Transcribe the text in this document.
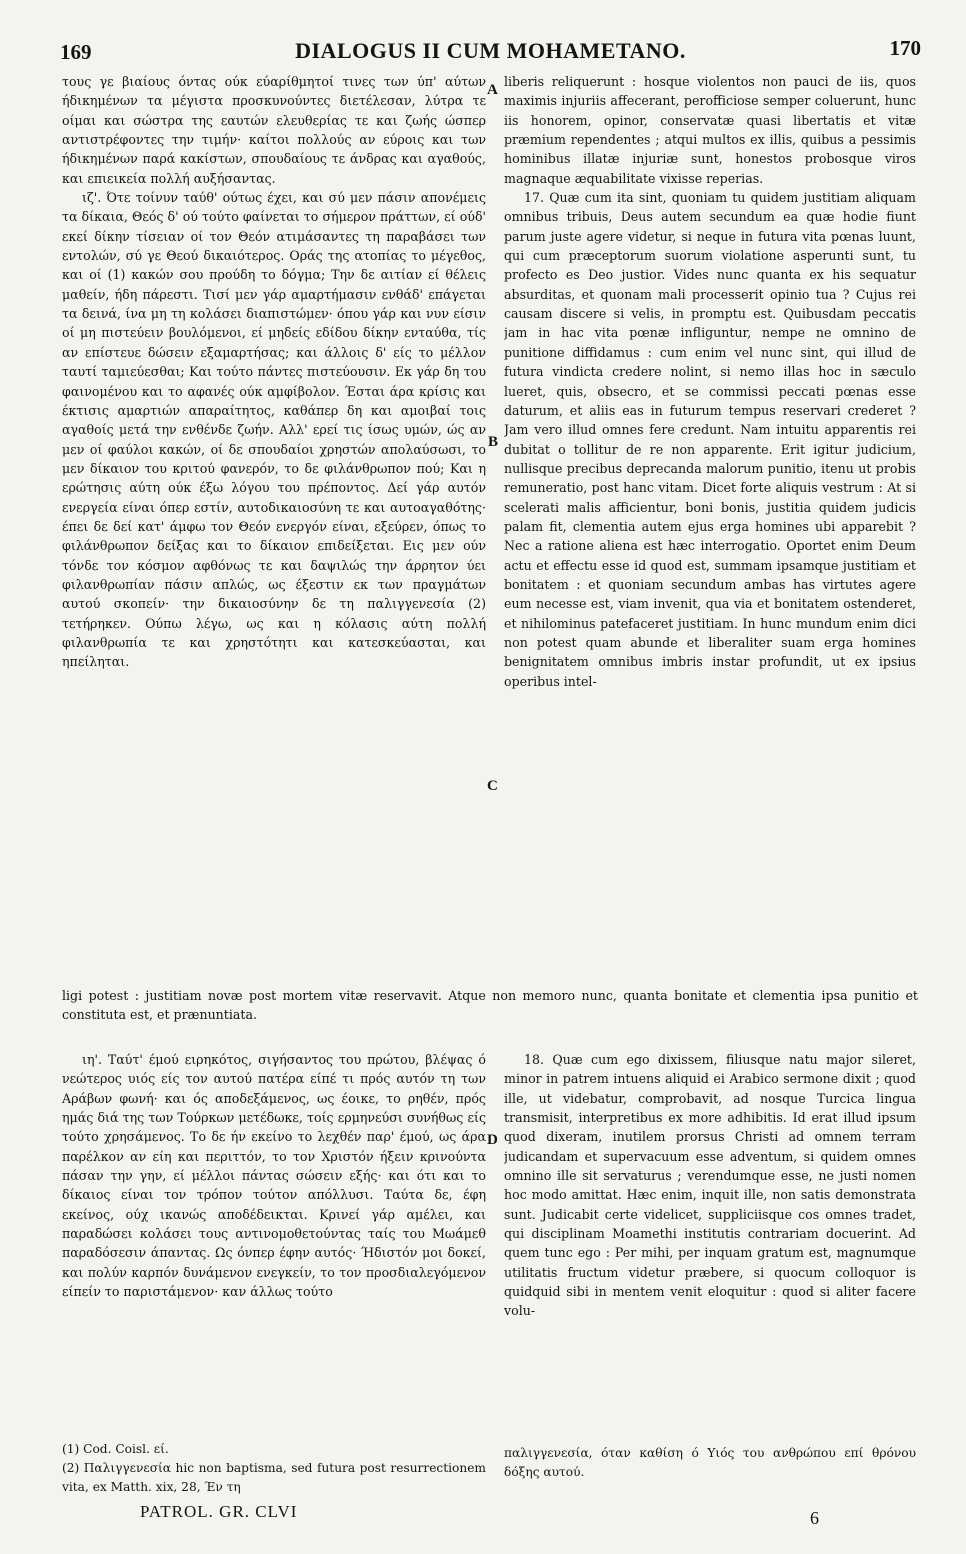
169	DIALOGUS II CUM MOHAMETANO.	170

τους γε βιαίους όντας ούκ εύαρίθμητοί τινες των ύπ' αύτων ήδικημένων τα μέγιστα προσκυνούντες διετέλεσαν, λύτρα τε οίμαι και σώστρα της εαυτών ελευθερίας τε και ζωής ώσπερ αντιστρέφοντες την τιμήν· καίτοι πολλούς αν εύροις και των ήδικημένων παρά κακίστων, σπουδαίους τε άνδρας και αγαθούς, και επιεικεία πολλή αυξήσαντας.

ιζ'. Ότε τοίνυν ταύθ' ούτως έχει, και σύ μεν πάσιν απονέμεις τα δίκαια, Θεός δ' ού τούτο φαίνεται το σήμερον πράττων, εί ούδ' εκεί δίκην τίσειαν οί τον Θεόν ατιμάσαντες τη παραβάσει των εντολών, σύ γε Θεού δικαιότερος. Οράς της ατοπίας το μέγεθος, και οί (1) κακών σου προύδη το δόγμα; Την δε αιτίαν εί θέλεις μαθείν, ήδη πάρεστι. Τισί μεν γάρ αμαρτήμασιν ενθάδ' επάγεται τα δεινά, ίνα μη τη κολάσει διαπιστώμεν· όπου γάρ και νυν είσιν οί μη πιστεύειν βουλόμενοι, εί μηδείς εδίδου δίκην ενταύθα, τίς αν επίστευε δώσειν εξαμαρτήσας; και άλλοις δ' είς το μέλλον ταυτί ταμιεύεσθαι; Και τούτο πάντες πιστεύουσιν. Εκ γάρ δη του φαινομένου και το αφανές ούκ αμφίβολον. Έσται άρα κρίσις και έκτισις αμαρτιών απαραίτητος, καθάπερ δη και αμοιβαί τοις αγαθοίς μετά την ενθένδε ζωήν. Αλλ' ερεί τις ίσως υμών, ώς αν μεν οί φαύλοι κακών, οί δε σπουδαίοι χρηστών απολαύσωσι, το μεν δίκαιον του κριτού φανερόν, το δε φιλάνθρωπον πού; Και η ερώτησις αύτη ούκ έξω λόγου του πρέποντος. Δεί γάρ αυτόν ενεργεία είναι όπερ εστίν, αυτοδικαιοσύνη τε και αυτοαγαθότης· έπει δε δεί κατ' άμφω τον Θεόν ενεργόν είναι, εξεύρεν, όπως το φιλάνθρωπον δείξας και το δίκαιον επιδείξεται. Εις μεν ούν τόνδε τον κόσμον αφθόνως τε και δαψιλώς την άρρητον ύει φιλανθρωπίαν πάσιν απλώς, ως έξεστιν εκ των πραγμάτων αυτού σκοπείν· την δικαιοσύνην δε τη παλιγγενεσία (2) τετήρηκεν. Ούπω λέγω, ως και η κόλασις αύτη πολλή φιλανθρωπία τε και χρηστότητι και κατεσκεύασται, και ηπείληται.

liberis reliquerunt : hosque violentos non pauci de iis, quos maximis injuriis affecerant, perofficiose semper coluerunt, hunc iis honorem, opinor, conservatæ quasi libertatis et vitæ præmium rependentes ; atqui multos ex illis, quibus a pessimis hominibus illatæ injuriæ sunt, honestos probosque viros magnaque æquabilitate vixisse reperias.

17. Quæ cum ita sint, quoniam tu quidem justitiam aliquam omnibus tribuis, Deus autem secundum ea quæ hodie fiunt parum juste agere videtur, si neque in futura vita pœnas luunt, qui cum præceptorum suorum violatione asperunti sunt, tu profecto es Deo justior. Vides nunc quanta ex his sequatur absurditas, et quonam mali processerit opinio tua ? Cujus rei causam discere si velis, in promptu est. Quibusdam peccatis jam in hac vita pœnæ infliguntur, nempe ne omnino de punitione diffidamus : cum enim vel nunc sint, qui illud de futura vindicta credere nolint, si nemo illas hoc in sæculo lueret, quis, obsecro, et se commissi peccati pœnas esse daturum, et aliis eas in futurum tempus reservari crederet ? Jam vero illud omnes fere credunt. Nam intuitu apparentis rei dubitat o tollitur de re non apparente. Erit igitur judicium, nullisque precibus deprecanda malorum punitio, itenu ut probis remuneratio, post hanc vitam. Dicet forte aliquis vestrum : At si scelerati malis afficientur, boni bonis, justitia quidem judicis palam fit, clementia autem ejus erga homines ubi apparebit ? Nec a ratione aliena est hæc interrogatio. Oportet enim Deum actu et effectu esse id quod est, summam ipsamque justitiam et bonitatem : et quoniam secundum ambas has virtutes agere eum necesse est, viam invenit, qua via et bonitatem ostenderet, et nihilominus patefaceret justitiam. In hunc mundum enim dici non potest quam abunde et liberaliter suam erga homines benignitatem omnibus imbris instar profundit, ut ex ipsius operibus intel-

A
B
C
D

ligi potest : justitiam novæ post mortem vitæ reservavit. Atque non memoro nunc, quanta bonitate et clementia ipsa punitio et constituta est, et prænuntiata.

ιη'. Ταύτ' έμού ειρηκότος, σιγήσαντος του πρώτου, βλέψας ό νεώτερος υιός είς τον αυτού πατέρα είπέ τι πρός αυτόν τη των Αράβων φωνή· και ός αποδεξάμενος, ως έοικε, το ρηθέν, πρός ημάς διά της των Τούρκων μετέδωκε, τοίς ερμηνεύσι συνήθως είς τούτο χρησάμενος. Το δε ήν εκείνο το λεχθέν παρ' έμού, ως άρα παρέλκον αν είη και περιττόν, το τον Χριστόν ήξειν κρινούντα πάσαν την γην, εί μέλλοι πάντας σώσειν εξής· και ότι και το δίκαιος είναι τον τρόπον τούτον απόλλυσι. Ταύτα δε, έφη εκείνος, ούχ ικανώς αποδέδεικται. Κρινεί γάρ αμέλει, και παραδώσει κολάσει τους αντινομοθετούντας ταίς του Μωάμεθ παραδόσεσιν άπαντας. Ως όνπερ έφην αυτός· Ήδιστόν μοι δοκεί, και πολύν καρπόν δυνάμενον ενεγκείν, το τον προσδιαλεγόμενον είπείν το παριστάμενον· καν άλλως τούτο

18. Quæ cum ego dixissem, filiusque natu major sileret, minor in patrem intuens aliquid ei Arabico sermone dixit ; quod ille, ut videbatur, comprobavit, ad nosque Turcica lingua transmisit, interpretibus ex more adhibitis. Id erat illud ipsum quod dixeram, inutilem prorsus Christi ad omnem terram judicandam et supervacuum esse adventum, si quidem omnes omnino ille sit servaturus ; verendumque esse, ne justi nomen hoc modo amittat. Hæc enim, inquit ille, non satis demonstrata sunt. Judicabit certe videlicet, suppliciisque cos omnes tradet, qui disciplinam Moamethi institutis contrariam docuerint. Ad quem tunc ego : Per mihi, per inquam gratum est, magnumque utilitatis fructum videtur præbere, si quocum colloquor is quidquid sibi in mentem venit eloquitur : quod si aliter facere volu-

(1) Cod. Coisl. εί.

(2) Παλιγγενεσία hic non baptisma, sed futura post resurrectionem vita, ex Matth. xix, 28, Έν τη

παλιγγενεσία, όταν καθίση ό Υιός του ανθρώπου επί θρόνου δόξης αυτού.

PATROL. GR. CLVI	6
